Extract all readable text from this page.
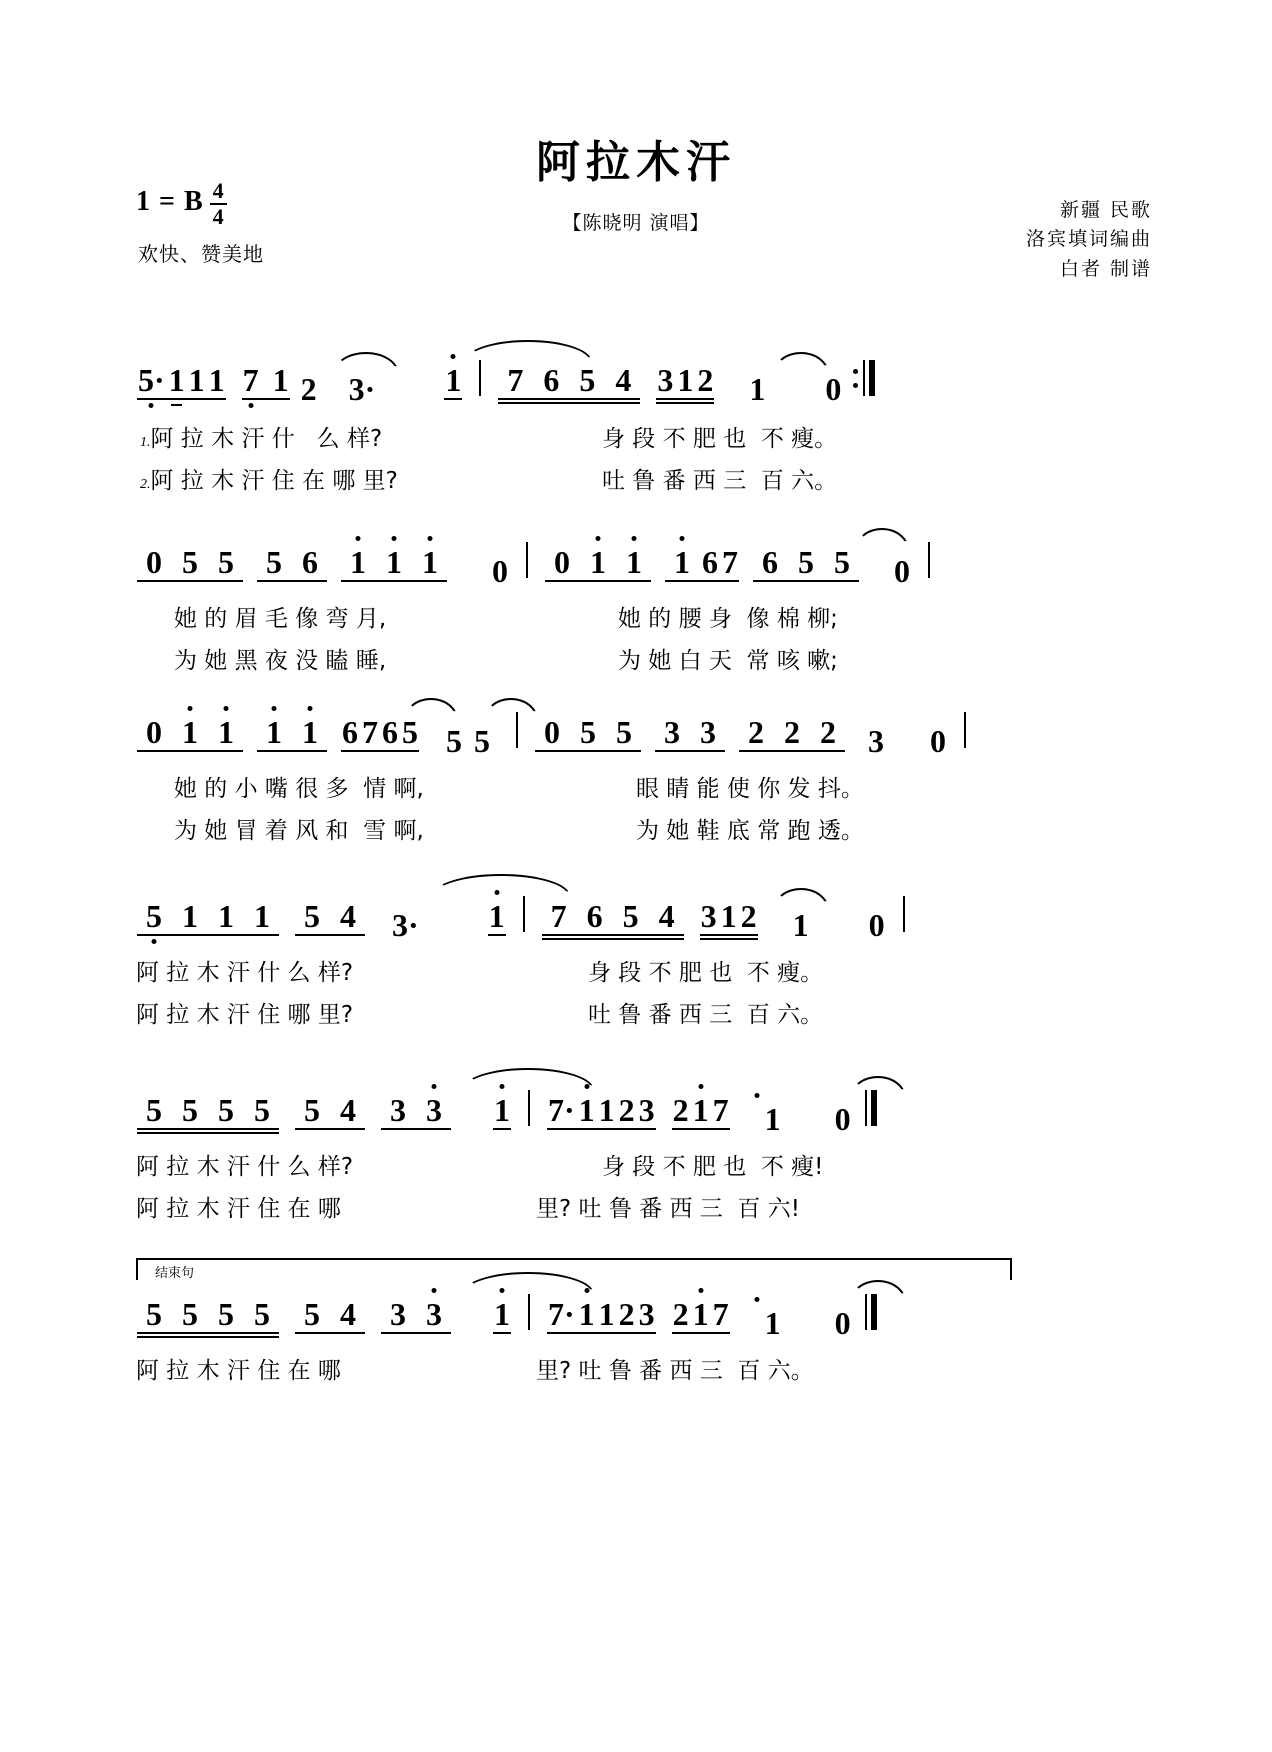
阿拉木汗
【陈晓明 演唱】
1 = B $\frac{4}{4}$
欢快、赞美地
新疆 民歌
洛宾填词编曲
白者 制谱
5· 1 1 1 7 1 2	3·	1	7 6 5 4 3 1 2	1	0

1.阿 拉 木 汗 什   么 样?

	身 段 不 肥 也  不 瘦。

2.阿 拉 木 汗 住 在 哪 里?

	吐 鲁 番 西 三  百 六。

0 5 5	5 6	1 1 1	0	0 1 1	1 6 7 6 5 5	0

她 的 眉 毛 像 弯 月,

	她 的 腰 身  像 棉 柳;

为 她 黑 夜 没 瞌 睡,

	为 她 白 天  常 咳 嗽;

0 1 1	1 1 6 7 6 5 5 5	0 5 5	3 3	2 2 2	3	0

她 的 小 嘴 很 多  情 啊,

	眼 睛 能 使 你 发 抖。

为 她 冒 着 风 和  雪 啊,

	为 她 鞋 底 常 跑 透。

5 1 1 1	5 4	3·	1	7 6 5 4 3 1 2	1	0

阿 拉 木 汗 什 么 样?

	身 段 不 肥 也  不 瘦。

阿 拉 木 汗 住 哪 里?

	吐 鲁 番 西 三  百 六。

5 5 5 5	5 4	3 3	1 7· 1 1 2 3 2 1 7	1	0

阿 拉 木 汗 什 么 样?

	身 段 不 肥 也  不 瘦!

阿 拉 木 汗 住 在 哪

	里? 吐 鲁 番 西 三  百 六!

结束句
5 5 5 5	5 4	3 3	1 7· 1 1 2 3 2 1 7	1	0

阿 拉 木 汗 住 在 哪

	里? 吐 鲁 番 西 三  百 六。
